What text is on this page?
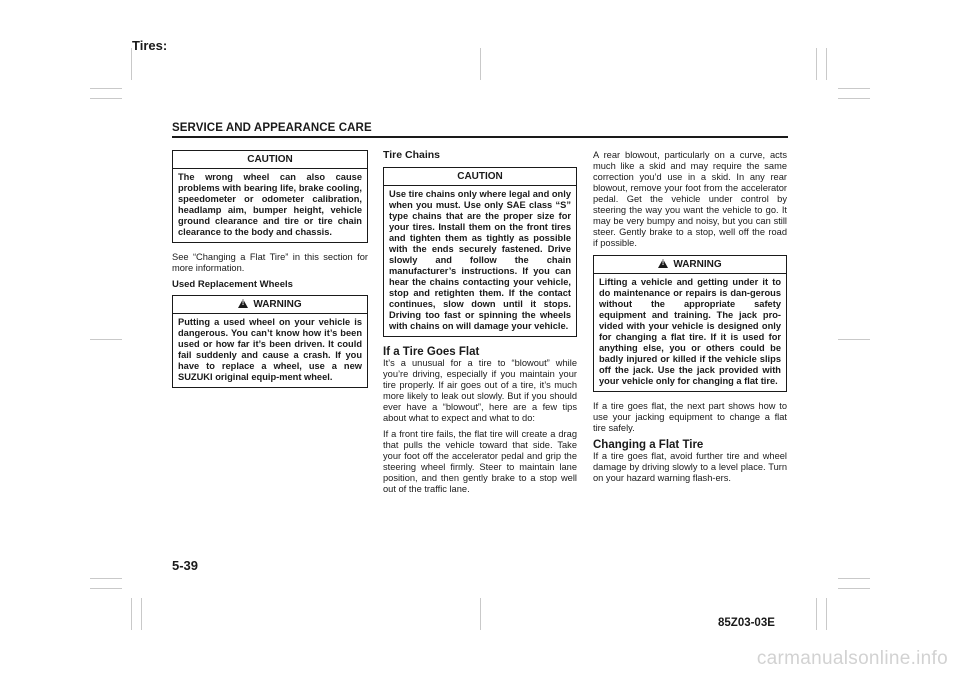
Tires:
SERVICE AND APPEARANCE CARE
CAUTION
The wrong wheel can also cause problems with bearing life, brake cooling, speedometer or odometer calibration, headlamp aim, bumper height, vehicle ground clearance and tire or tire chain clearance to the body and chassis.

See “Changing a Flat Tire” in this section for more information.

Used Replacement Wheels
!WARNING
Putting a used wheel on your vehicle is dangerous. You can’t know how it’s been used or how far it’s been driven. It could fail suddenly and cause a crash. If you have to replace a wheel, use a new SUZUKI original equip-ment wheel.
Tire Chains
CAUTION
Use tire chains only where legal and only when you must. Use only SAE class “S” type chains that are the proper size for your tires. Install them on the front tires and tighten them as tightly as possible with the ends securely fastened. Drive slowly and follow the chain manufacturer’s instructions. If you can hear the chains contacting your vehicle, stop and retighten them. If the contact continues, slow down until it stops. Driving too fast or spinning the wheels with chains on will damage your vehicle.
If a Tire Goes Flat

It’s a unusual for a tire to “blowout” while you’re driving, especially if you maintain your tire properly. If air goes out of a tire, it’s much more likely to leak out slowly. But if you should ever have a “blowout”, here are a few tips about what to expect and what to do:

If a front tire fails, the flat tire will create a drag that pulls the vehicle toward that side. Take your foot off the accelerator pedal and grip the steering wheel firmly. Steer to maintain lane position, and then gently brake to a stop well out of the traffic lane.

A rear blowout, particularly on a curve, acts much like a skid and may require the same correction you’d use in a skid. In any rear blowout, remove your foot from the accelerator pedal. Get the vehicle under control by steering the way you want the vehicle to go. It may be very bumpy and noisy, but you can still steer. Gently brake to a stop, well off the road if possible.

!WARNING
Lifting a vehicle and getting under it to do maintenance or repairs is dan-gerous without the appropriate safety equipment and training. The jack pro-vided with your vehicle is designed only for changing a flat tire. If it is used for anything else, you or others could be badly injured or killed if the vehicle slips off the jack. Use the jack provided with your vehicle only for changing a flat tire.

If a tire goes flat, the next part shows how to use your jacking equipment to change a flat tire safely.

Changing a Flat Tire

If a tire goes flat, avoid further tire and wheel damage by driving slowly to a level place. Turn on your hazard warning flash-ers.

5-39
85Z03-03E
carmanualsonline.info
